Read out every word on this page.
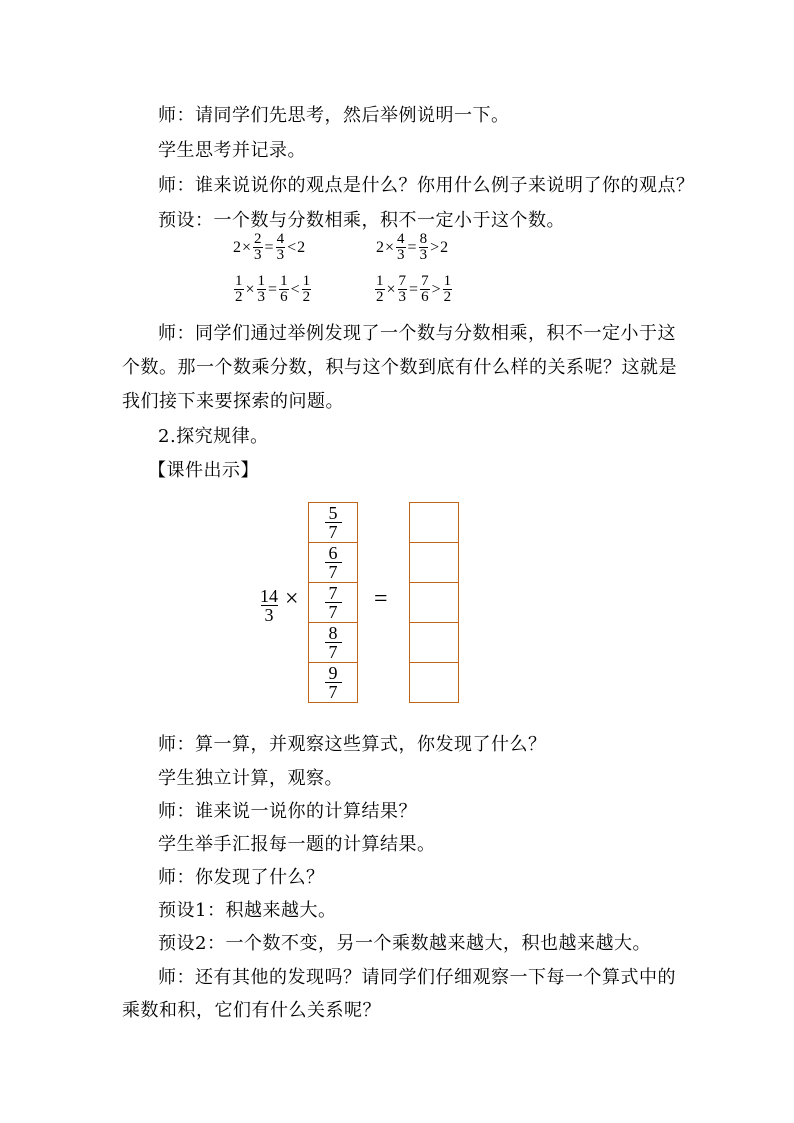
师：请同学们先思考，然后举例说明一下。
学生思考并记录。
师：谁来说说你的观点是什么？你用什么例子来说明了你的观点？
预设：一个数与分数相乘，积不一定小于这个数。
$2 \times \frac{2}{3} = \frac{4}{3} < 2$	$2 \times \frac{4}{3} = \frac{8}{3} > 2$
$\frac{1}{2} \times \frac{1}{3} = \frac{1}{6} < \frac{1}{2}$	$\frac{1}{2} \times \frac{7}{3} = \frac{7}{6} > \frac{1}{2}$
师：同学们通过举例发现了一个数与分数相乘，积不一定小于这
个数。那一个数乘分数，积与这个数到底有什么样的关系呢？这就是
我们接下来要探索的问题。
2.探究规律。
【课件出示】
$\frac{14}{3}$ ×	=
$\frac{5}{7}$
$\frac{6}{7}$
$\frac{7}{7}$
$\frac{8}{7}$
$\frac{9}{7}$
师：算一算，并观察这些算式，你发现了什么？
学生独立计算，观察。
师：谁来说一说你的计算结果？
学生举手汇报每一题的计算结果。
师：你发现了什么？
预设1：积越来越大。
预设2：一个数不变，另一个乘数越来越大，积也越来越大。
师：还有其他的发现吗？请同学们仔细观察一下每一个算式中的
乘数和积，它们有什么关系呢？
